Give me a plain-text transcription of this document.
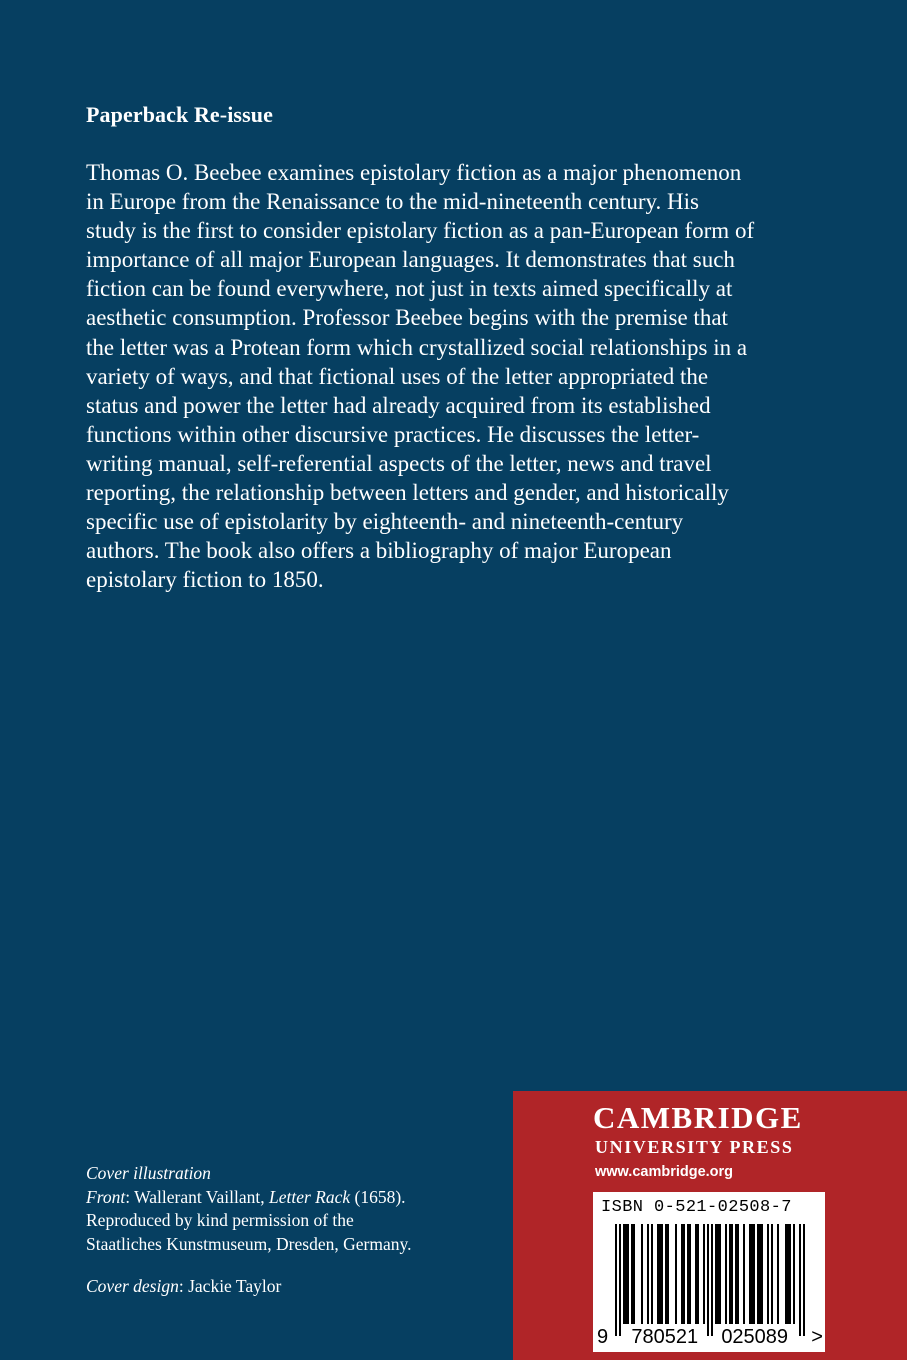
Paperback Re-issue

Thomas O. Beebee examines epistolary fiction as a major phenomenon
in Europe from the Renaissance to the mid-nineteenth century. His
study is the first to consider epistolary fiction as a pan-European form of
importance of all major European languages. It demonstrates that such
fiction can be found everywhere, not just in texts aimed specifically at
aesthetic consumption. Professor Beebee begins with the premise that
the letter was a Protean form which crystallized social relationships in a
variety of ways, and that fictional uses of the letter appropriated the
status and power the letter had already acquired from its established
functions within other discursive practices. He discusses the letter-
writing manual, self-referential aspects of the letter, news and travel
reporting, the relationship between letters and gender, and historically
specific use of epistolarity by eighteenth- and nineteenth-century
authors. The book also offers a bibliography of major European
epistolary fiction to 1850.

Cover illustration
Front: Wallerant Vaillant, Letter Rack (1658).
Reproduced by kind permission of the
Staatliches Kunstmuseum, Dresden, Germany.
Cover design: Jackie Taylor
CAMBRIDGE
UNIVERSITY PRESS
www.cambridge.org
ISBN 0-521-02508-7
9 780521 025089 >
